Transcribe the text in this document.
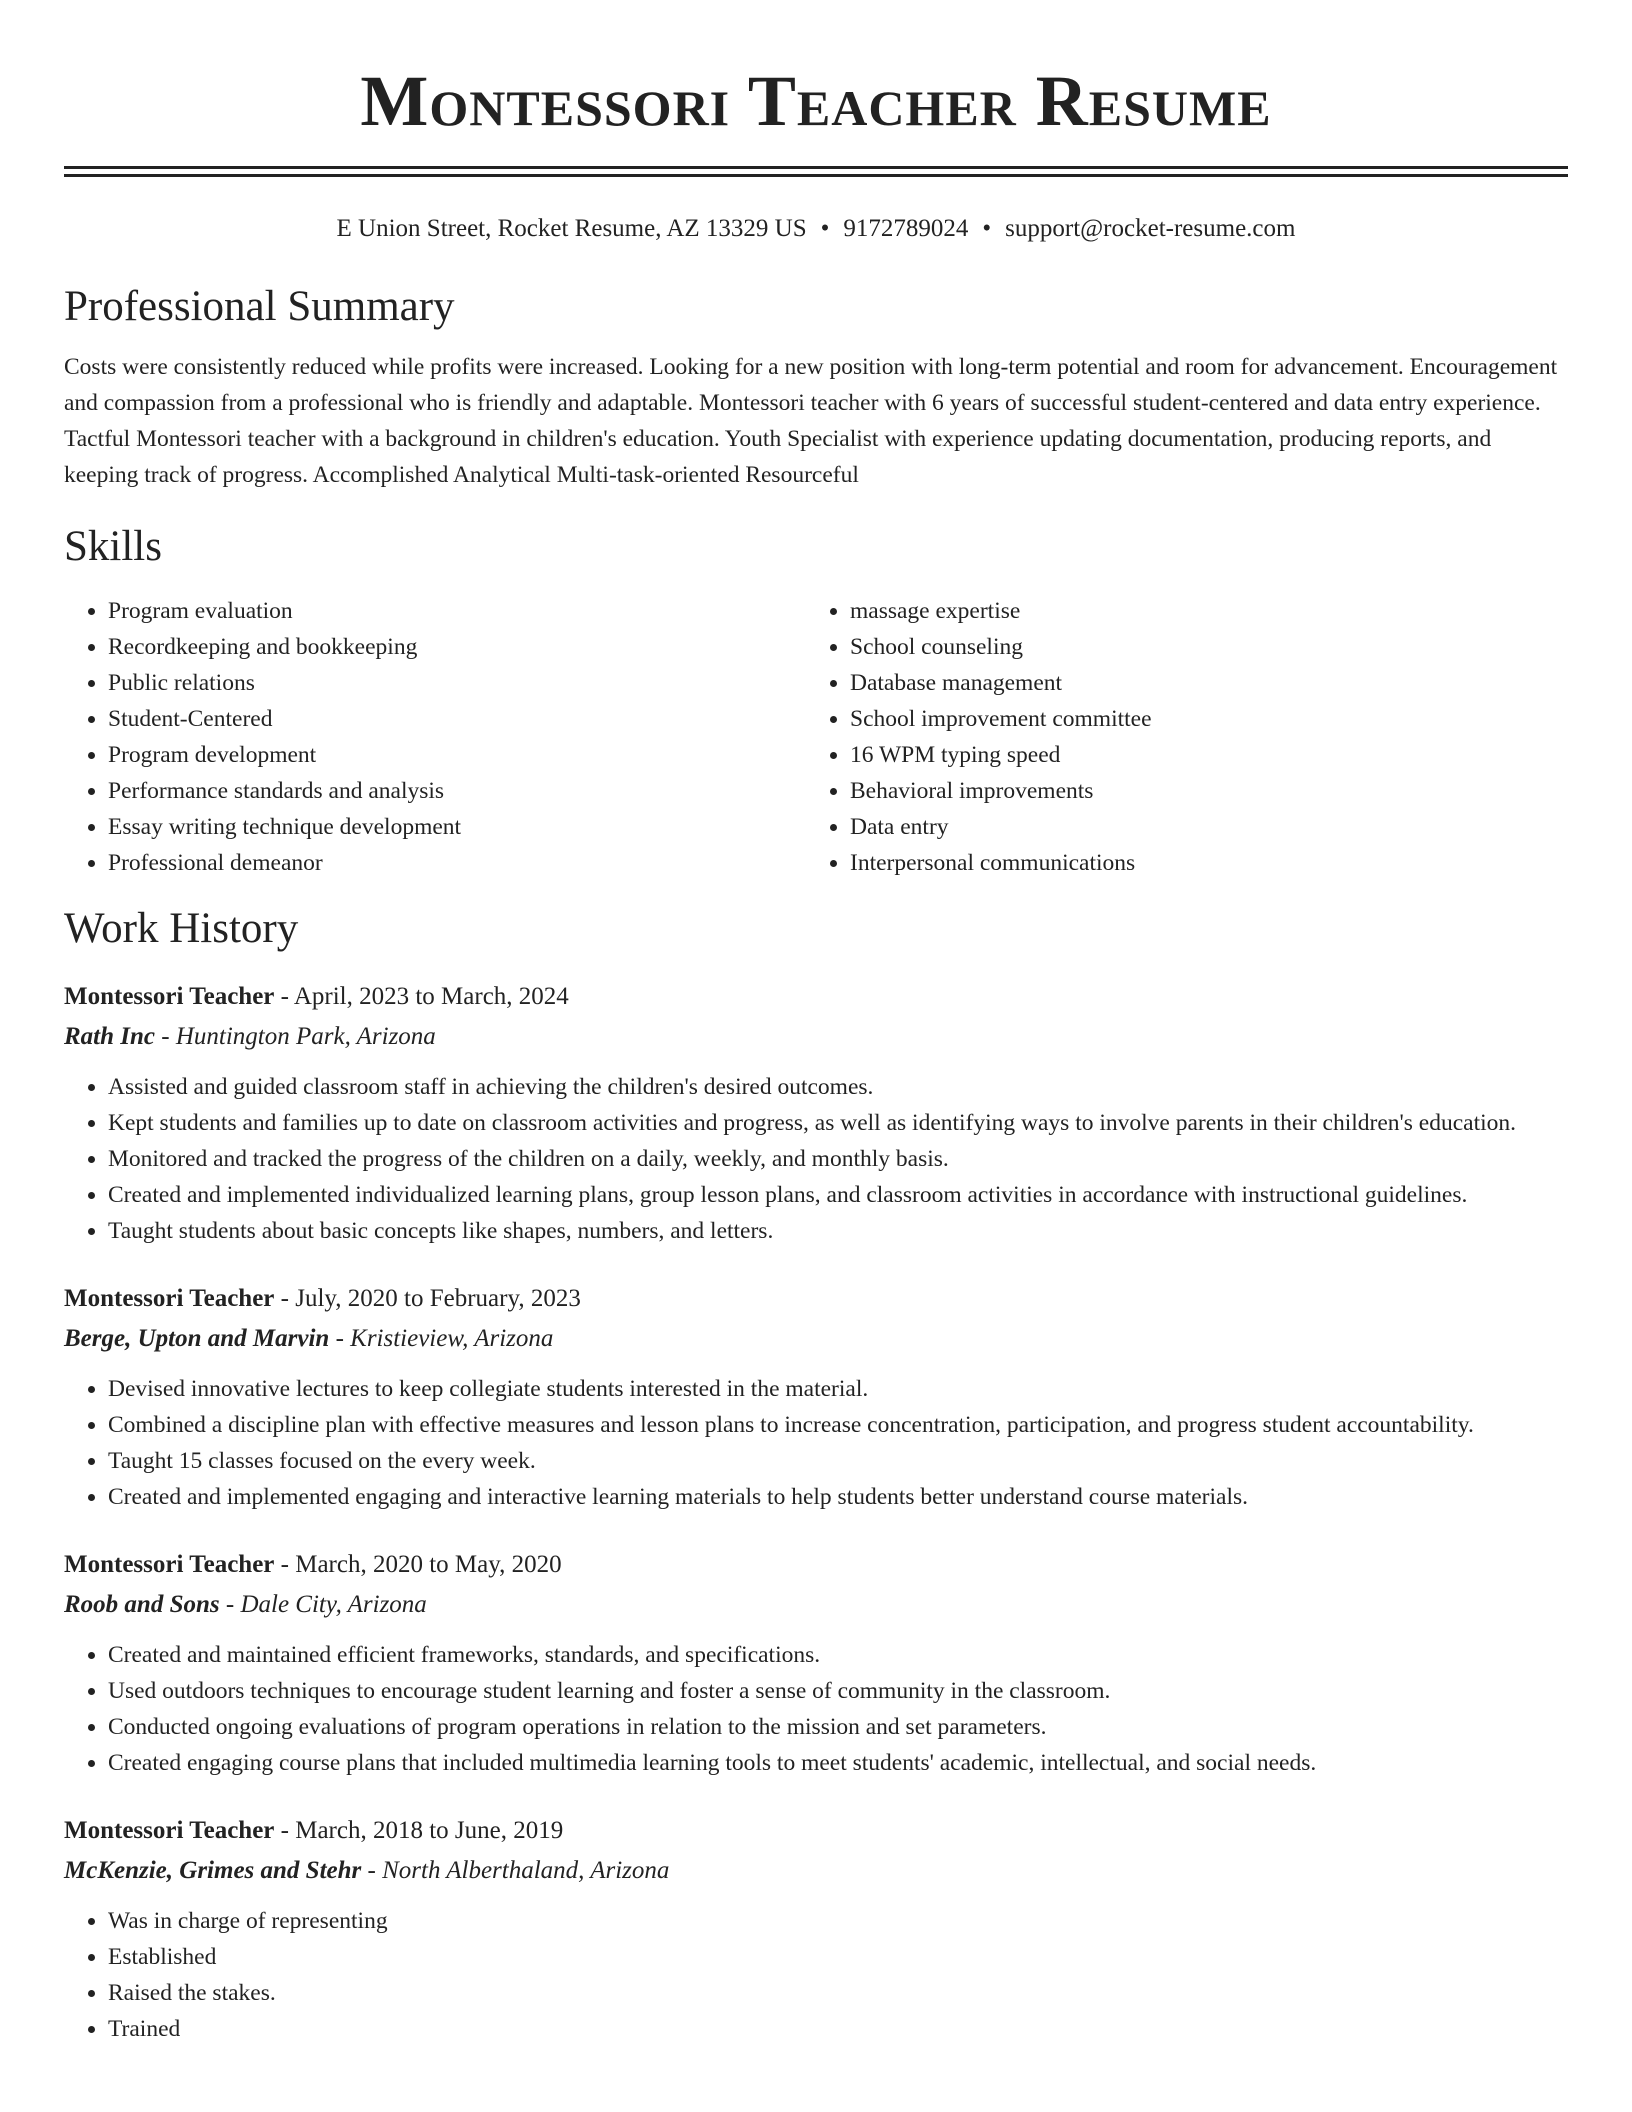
Montessori Teacher Resume
E Union Street, Rocket Resume, AZ 13329 US • 9172789024 • support@rocket-resume.com
Professional Summary

Costs were consistently reduced while profits were increased. Looking for a new position with long-term potential and room for advancement. Encouragement and compassion from a professional who is friendly and adaptable. Montessori teacher with 6 years of successful student-centered and data entry experience. Tactful Montessori teacher with a background in children's education. Youth Specialist with experience updating documentation, producing reports, and keeping track of progress. Accomplished Analytical Multi-task-oriented Resourceful

Skills
• Program evaluation
• Recordkeeping and bookkeeping
• Public relations
• Student-Centered
• Program development
• Performance standards and analysis
• Essay writing technique development
• Professional demeanor
• massage expertise
• School counseling
• Database management
• School improvement committee
• 16 WPM typing speed
• Behavioral improvements
• Data entry
• Interpersonal communications
Work History
Montessori Teacher - April, 2023 to March, 2024
Rath Inc - Huntington Park, Arizona
• Assisted and guided classroom staff in achieving the children's desired outcomes.
• Kept students and families up to date on classroom activities and progress, as well as identifying ways to involve parents in their children's education.
• Monitored and tracked the progress of the children on a daily, weekly, and monthly basis.
• Created and implemented individualized learning plans, group lesson plans, and classroom activities in accordance with instructional guidelines.
• Taught students about basic concepts like shapes, numbers, and letters.
Montessori Teacher - July, 2020 to February, 2023
Berge, Upton and Marvin - Kristieview, Arizona
• Devised innovative lectures to keep collegiate students interested in the material.
• Combined a discipline plan with effective measures and lesson plans to increase concentration, participation, and progress student accountability.
• Taught 15 classes focused on the every week.
• Created and implemented engaging and interactive learning materials to help students better understand course materials.
Montessori Teacher - March, 2020 to May, 2020
Roob and Sons - Dale City, Arizona
• Created and maintained efficient frameworks, standards, and specifications.
• Used outdoors techniques to encourage student learning and foster a sense of community in the classroom.
• Conducted ongoing evaluations of program operations in relation to the mission and set parameters.
• Created engaging course plans that included multimedia learning tools to meet students' academic, intellectual, and social needs.
Montessori Teacher - March, 2018 to June, 2019
McKenzie, Grimes and Stehr - North Alberthaland, Arizona
• Was in charge of representing
• Established
• Raised the stakes.
• Trained
